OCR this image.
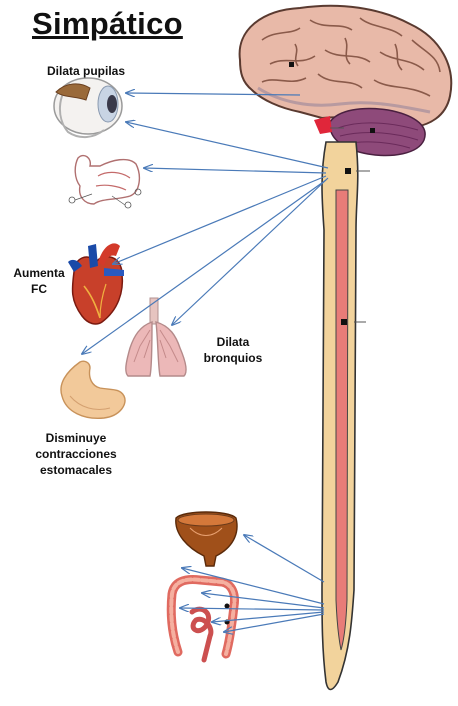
Simpático
Dilata pupilas
Aumenta
FC
Dilata
bronquios
Disminuye
contracciones
estomacales
